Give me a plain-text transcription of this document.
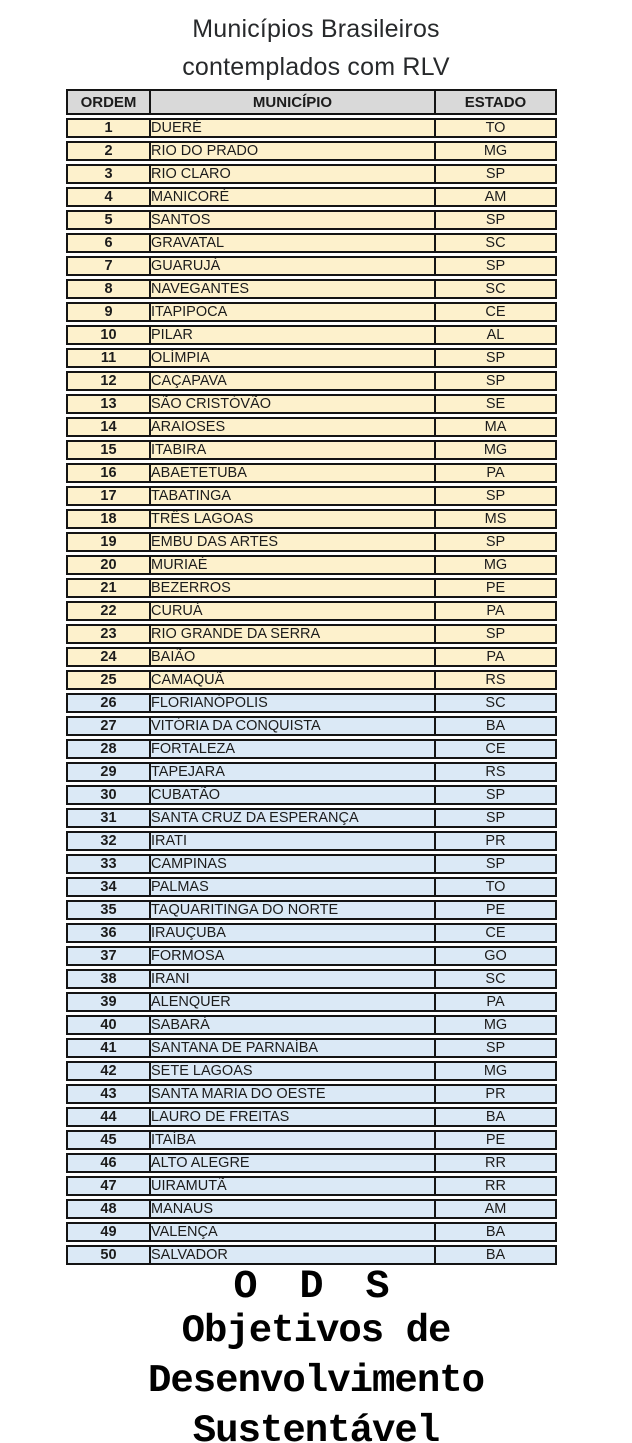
Municípios Brasileiros
contemplados com RLV
ORDEM	MUNICÍPIO	ESTADO
1	DUERÉ	TO
2	RIO DO PRADO	MG
3	RIO CLARO	SP
4	MANICORÉ	AM
5	SANTOS	SP
6	GRAVATAL	SC
7	GUARUJÁ	SP
8	NAVEGANTES	SC
9	ITAPIPOCA	CE
10	PILAR	AL
11	OLÍMPIA	SP
12	CAÇAPAVA	SP
13	SÃO CRISTÓVÃO	SE
14	ARAIOSES	MA
15	ITABIRA	MG
16	ABAETETUBA	PA
17	TABATINGA	SP
18	TRÊS LAGOAS	MS
19	EMBU DAS ARTES	SP
20	MURIAÉ	MG
21	BEZERROS	PE
22	CURUÁ	PA
23	RIO GRANDE DA SERRA	SP
24	BAIÃO	PA
25	CAMAQUÃ	RS
26	FLORIANÓPOLIS	SC
27	VITÓRIA DA CONQUISTA	BA
28	FORTALEZA	CE
29	TAPEJARA	RS
30	CUBATÃO	SP
31	SANTA CRUZ DA ESPERANÇA	SP
32	IRATI	PR
33	CAMPINAS	SP
34	PALMAS	TO
35	TAQUARITINGA DO NORTE	PE
36	IRAUÇUBA	CE
37	FORMOSA	GO
38	IRANI	SC
39	ALENQUER	PA
40	SABARÁ	MG
41	SANTANA DE PARNAÍBA	SP
42	SETE LAGOAS	MG
43	SANTA MARIA DO OESTE	PR
44	LAURO DE FREITAS	BA
45	ITAÍBA	PE
46	ALTO ALEGRE	RR
47	UIRAMUTÃ	RR
48	MANAUS	AM
49	VALENÇA	BA
50	SALVADOR	BA
O D S
Objetivos de
Desenvolvimento
Sustentável
